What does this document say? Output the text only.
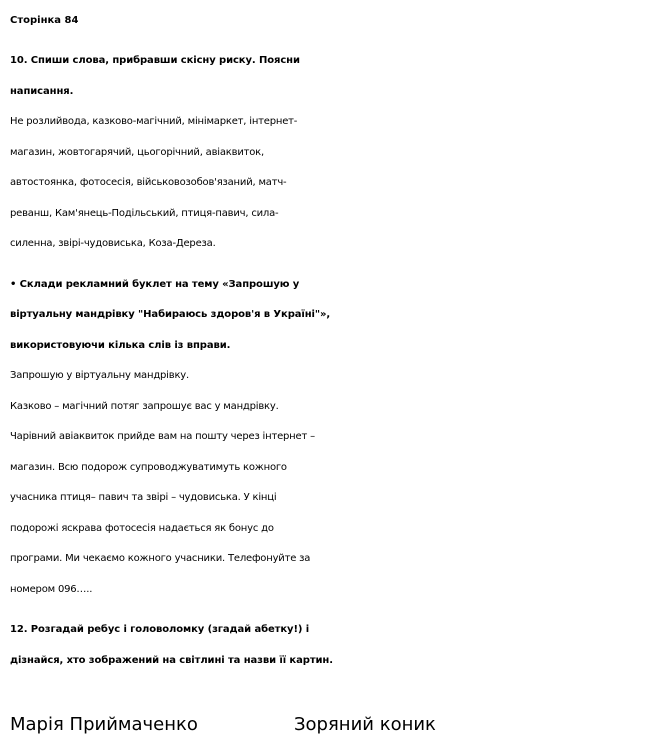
Сторінка 84
10. Спиши слова, прибравши скісну риску. Поясни
написання.
Не розлийвода, казково-магічний, мінімаркет, інтернет-
магазин, жовтогарячий, цьогорічний, авіаквиток,
автостоянка, фотосесія, військовозобов'язаний, матч-
реванш, Кам'янець-Подільський, птиця-павич, сила-
силенна, звірі-чудовиська, Коза-Дереза.
• Склади рекламний буклет на тему «Запрошую у
віртуальну мандрівку "Набираюсь здоров'я в Україні"»,
використовуючи кілька слів із вправи.
Запрошую у віртуальну мандрівку.
Казково – магічний потяг запрошує вас у мандрівку.
Чарівний авіаквиток прийде вам на пошту через інтернет –
магазин. Всю подорож супроводжуватимуть кожного
учасника птиця– павич та звірі – чудовиська. У кінці
подорожі яскрава фотосесія надається як бонус до
програми. Ми чекаємо кожного учасники. Телефонуйте за
номером 096…..
12. Розгадай ребус і головоломку (згадай абетку!) і
дізнайся, хто зображений на світлині та назви її картин.
Марія Приймаченко	Зоряний коник
